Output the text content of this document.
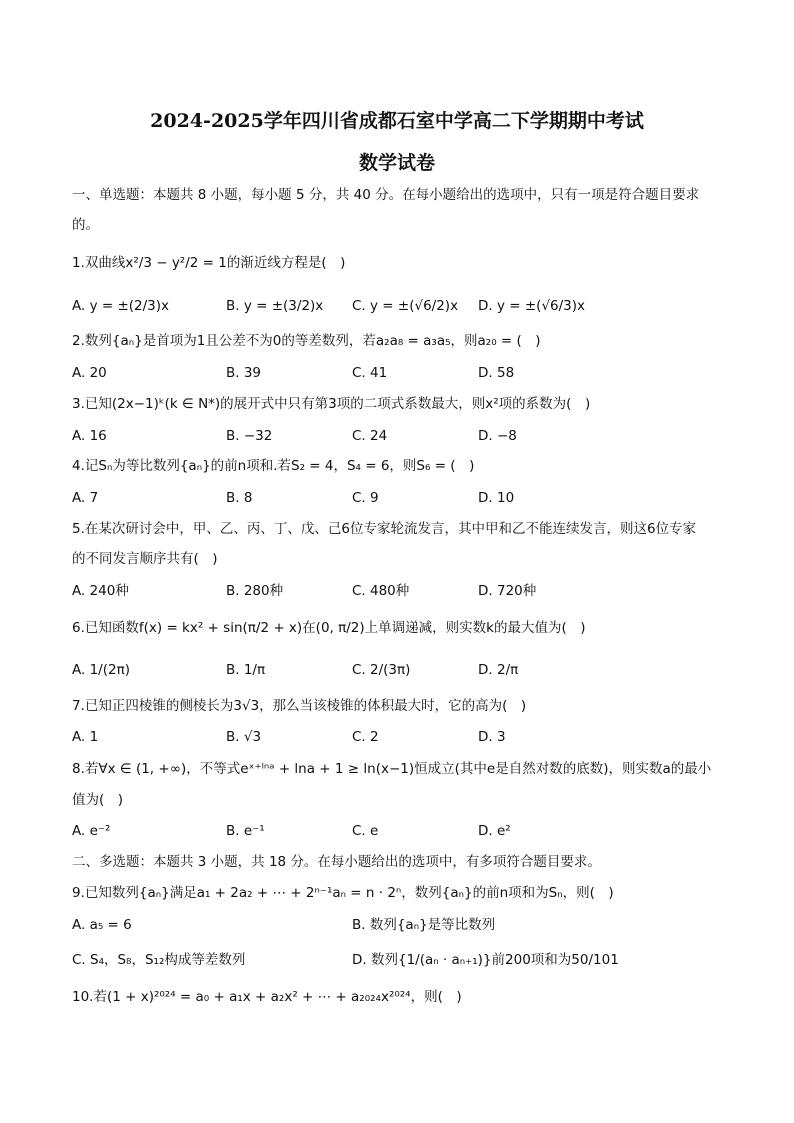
2024-2025学年四川省成都石室中学高二下学期期中考试
数学试卷
一、单选题：本题共 8 小题，每小题 5 分，共 40 分。在每小题给出的选项中，只有一项是符合题目要求
的。
1.双曲线x²/3 − y²/2 = 1的渐近线方程是(　)
A. y = ±(2/3)x	B. y = ±(3/2)x C. y = ±(√6/2)x D. y = ±(√6/3)x
2.数列{aₙ}是首项为1且公差不为0的等差数列，若a₂a₈ = a₃a₅，则a₂₀ = (　)
A. 20	B. 39	C. 41	D. 58
3.已知(2x−1)ᵏ(k ∈ N*)的展开式中只有第3项的二项式系数最大，则x²项的系数为(　)
A. 16	B. −32	C. 24	D. −8
4.记Sₙ为等比数列{aₙ}的前n项和.若S₂ = 4，S₄ = 6，则S₆ = (　)
A. 7	B. 8	C. 9	D. 10
5.在某次研讨会中，甲、乙、丙、丁、戊、己6位专家轮流发言，其中甲和乙不能连续发言，则这6位专家
的不同发言顺序共有(　)
A. 240种	B. 280种	C. 480种	D. 720种
6.已知函数f(x) = kx² + sin(π/2 + x)在(0, π/2)上单调递减，则实数k的最大值为(　)
A. 1/(2π)	B. 1/π	C. 2/(3π)	D. 2/π
7.已知正四棱锥的侧棱长为3√3，那么当该棱锥的体积最大时，它的高为(　)
A. 1	B. √3	C. 2	D. 3
8.若∀x ∈ (1, +∞)，不等式eˣ⁺ˡⁿᵃ + lna + 1 ≥ ln(x−1)恒成立(其中e是自然对数的底数)，则实数a的最小
值为(　)
A. e⁻²	B. e⁻¹	C. e	D. e²
二、多选题：本题共 3 小题，共 18 分。在每小题给出的选项中，有多项符合题目要求。
9.已知数列{aₙ}满足a₁ + 2a₂ + ⋯ + 2ⁿ⁻¹aₙ = n · 2ⁿ，数列{aₙ}的前n项和为Sₙ，则(　)
A. a₅ = 6	B. 数列{aₙ}是等比数列
C. S₄，S₈，S₁₂构成等差数列	D. 数列{1/(aₙ · aₙ₊₁)}前200项和为50/101
10.若(1 + x)²⁰²⁴ = a₀ + a₁x + a₂x² + ⋯ + a₂₀₂₄x²⁰²⁴，则(　)
